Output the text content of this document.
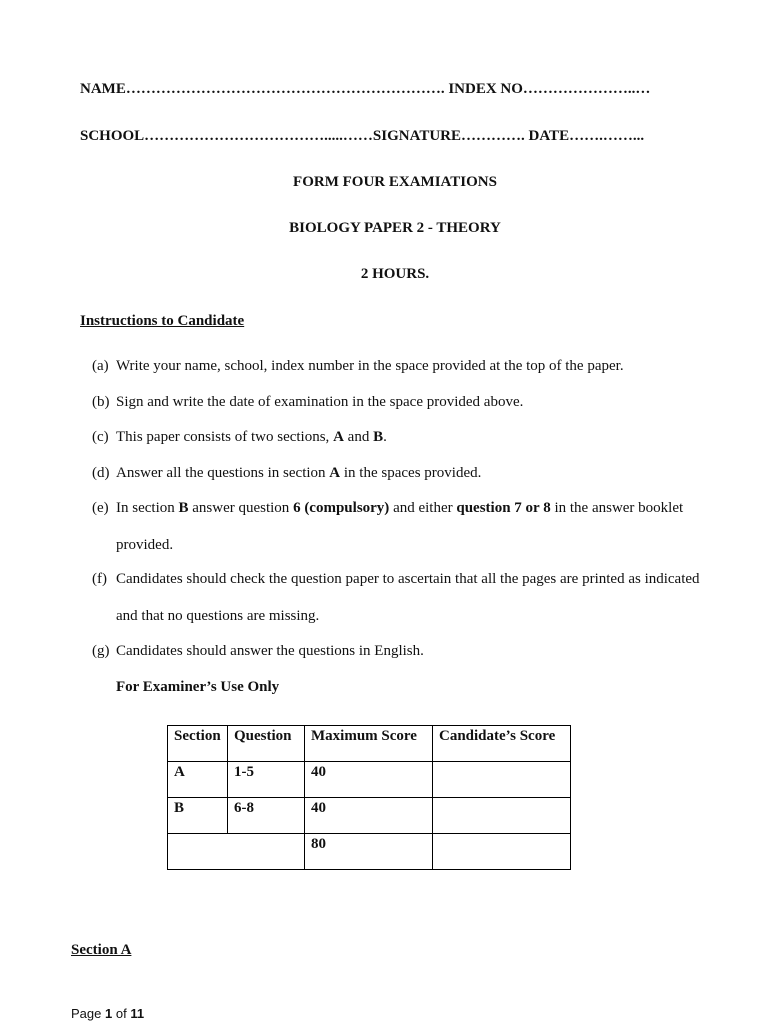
NAME………………………………………………………. INDEX NO…………………..…
SCHOOL……………………………….....……SIGNATURE…………. DATE…….……...
FORM FOUR EXAMIATIONS
BIOLOGY PAPER 2 - THEORY
2 HOURS.
Instructions to Candidate
(a) Write your name, school, index number in the space provided at the top of the paper.
(b) Sign and write the date of examination in the space provided above.
(c) This paper consists of two sections, A and B.
(d) Answer all the questions in section A in the spaces provided.
(e) In section B answer question 6 (compulsory) and either question 7 or 8 in the answer booklet
provided.
(f) Candidates should check the question paper to ascertain that all the pages are printed as indicated
and that no questions are missing.
(g) Candidates should answer the questions in English.
For Examiner’s Use Only
Section	Question	Maximum Score	Candidate’s Score
A	1-5	40	
B	6-8	40	
		80	
Section A
Page 1 of 11
